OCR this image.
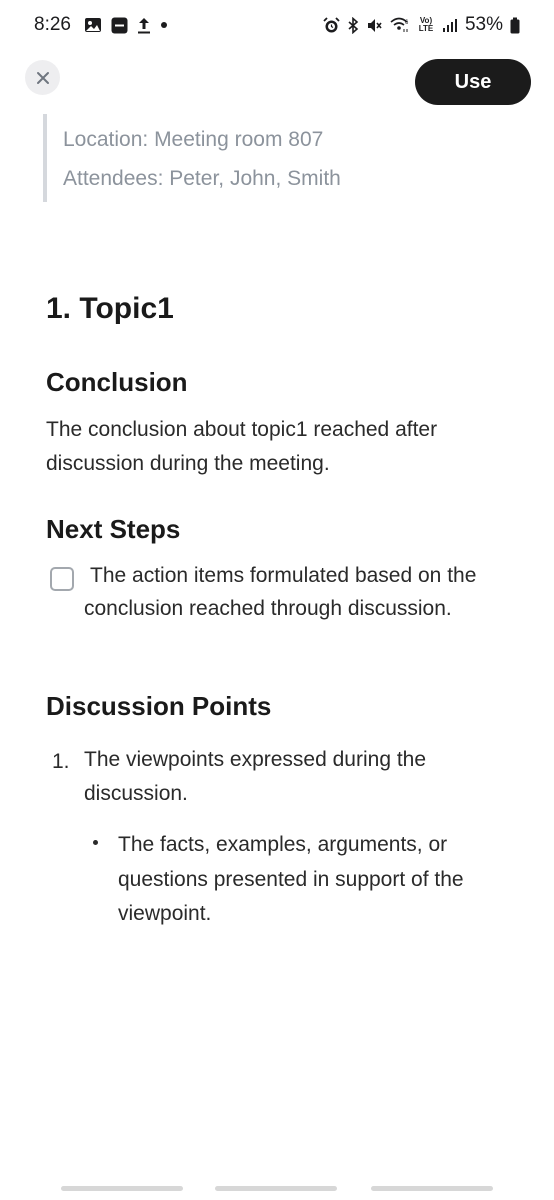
8:26	6	Vo) LTE 53%
Use
Location: Meeting room 807
Attendees: Peter, John, Smith
1. Topic1
Conclusion
The conclusion about topic1 reached after discussion during the meeting.
Next Steps
The action items formulated based on the conclusion reached through discussion.
Discussion Points
1. The viewpoints expressed during the discussion.
The facts, examples, arguments, or questions presented in support of the viewpoint.
